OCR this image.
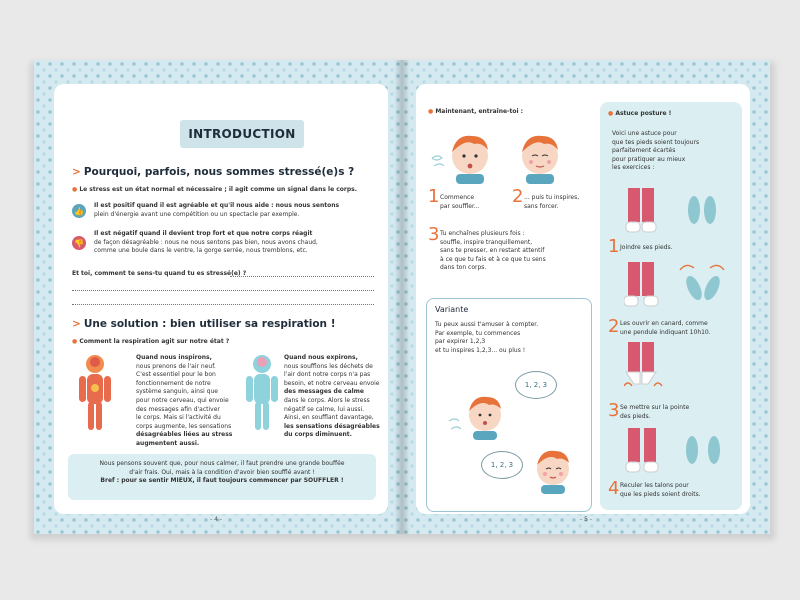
INTRODUCTION
> Pourquoi, parfois, nous sommes stressé(e)s ?
● Le stress est un état normal et nécessaire ; il agit comme un signal dans le corps.
👍
Il est positif quand il est agréable et qu'il nous aide : nous nous sentons
plein d'énergie avant une compétition ou un spectacle par exemple.
👎
Il est négatif quand il devient trop fort et que notre corps réagit
de façon désagréable : nous ne nous sentons pas bien, nous avons chaud,
comme une boule dans le ventre, la gorge serrée, nous tremblons, etc.
Et toi, comment te sens-tu quand tu es stressé(e) ?
> Une solution : bien utiliser sa respiration !
● Comment la respiration agit sur notre état ?
Quand nous inspirons,
nous prenons de l'air neuf.
C'est essentiel pour le bon
fonctionnement de notre
système sanguin, ainsi que
pour notre cerveau, qui envoie
des messages afin d'activer
le corps. Mais si l'activité du
corps augmente, les sensations
désagréables liées au stress
augmentent aussi.
Quand nous expirons,
nous soufflons les déchets de
l'air dont notre corps n'a pas
besoin, et notre cerveau envoie
des messages de calme
dans le corps. Alors le stress
négatif se calme, lui aussi.
Ainsi, en soufflant davantage,
les sensations désagréables
du corps diminuent.
Nous pensons souvent que, pour nous calmer, il faut prendre une grande bouffée
d'air frais. Oui, mais à la condition d'avoir bien soufflé avant !
Bref : pour se sentir MIEUX, il faut toujours commencer par SOUFFLER !
- 4 -
● Maintenant, entraîne-toi :
1 Commence
par souffler... 2 ... puis tu inspires,
sans forcer.
3 Tu enchaînes plusieurs fois :
souffle, inspire tranquillement,
sans te presser, en restant attentif
à ce que tu fais et à ce que tu sens
dans ton corps.
Variante
Tu peux aussi t'amuser à compter.
Par exemple, tu commences
par expirer 1,2,3
et tu inspires 1,2,3... ou plus !
1, 2, 3
1, 2, 3
● Astuce posture !
Voici une astuce pour
que tes pieds soient toujours
parfaitement écartés
pour pratiquer au mieux
les exercices :
1 Joindre ses pieds.
2 Les ouvrir en canard, comme
une pendule indiquant 10h10.
3 Se mettre sur la pointe
des pieds.
4 Reculer les talons pour
que les pieds soient droits.
- 5 -
